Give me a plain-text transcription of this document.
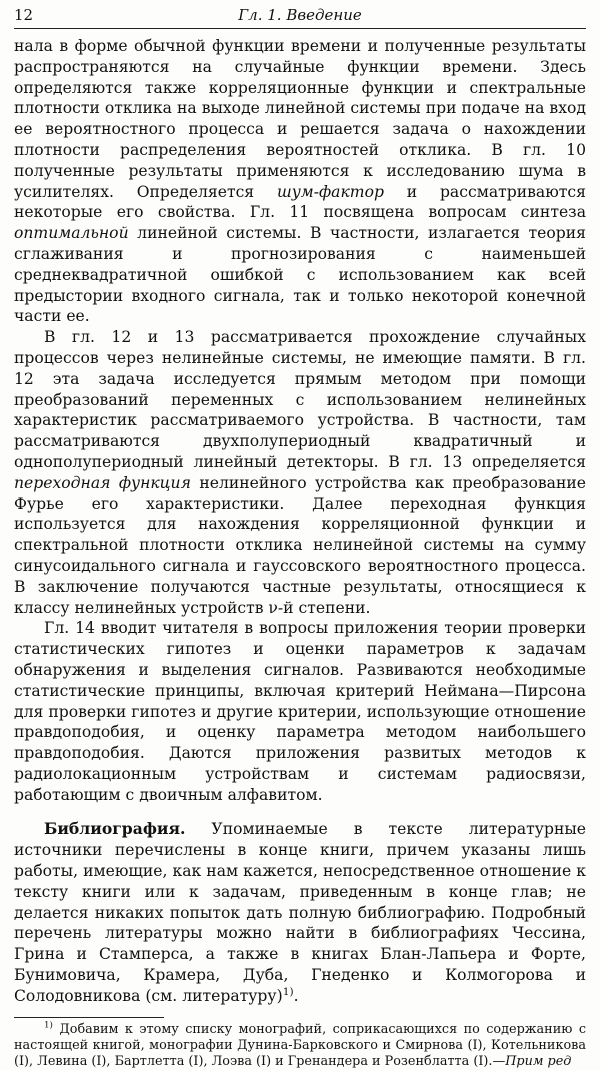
12	Гл. 1. Введение

нала в форме обычной функции времени и полученные результаты распространяются на случайные функции времени. Здесь определяются также корреляционные функции и спектральные плотности отклика на выходе линейной системы при подаче на вход ее вероятностного процесса и решается задача о нахождении плотности распределения вероятностей отклика. В гл. 10 полученные результаты применяются к исследованию шума в усилителях. Определяется шум-фактор и рассматриваются некоторые его свойства. Гл. 11 посвящена вопросам синтеза оптимальной линейной системы. В частности, излагается теория сглаживания и прогнозирования с наименьшей среднеквадратичной ошибкой с использованием как всей предыстории входного сигнала, так и только некоторой конечной части ее.

В гл. 12 и 13 рассматривается прохождение случайных процессов через нелинейные системы, не имеющие памяти. В гл. 12 эта задача исследуется прямым методом при помощи преобразований переменных с использованием нелинейных характеристик рассматриваемого устройства. В частности, там рассматриваются двухполупериодный квадратичный и однополупериодный линейный детекторы. В гл. 13 определяется переходная функция нелинейного устройства как преобразование Фурье его характеристики. Далее переходная функция используется для нахождения корреляционной функции и спектральной плотности отклика нелинейной системы на сумму синусоидального сигнала и гауссовского вероятностного процесса. В заключение получаются частные результаты, относящиеся к классу нелинейных устройств ν-й степени.

Гл. 14 вводит читателя в вопросы приложения теории проверки статистических гипотез и оценки параметров к задачам обнаружения и выделения сигналов. Развиваются необходимые статистические принципы, включая критерий Неймана—Пирсона для проверки гипотез и другие критерии, использующие отношение правдоподобия, и оценку параметра методом наибольшего правдоподобия. Даются приложения развитых методов к радиолокационным устройствам и системам радиосвязи, работающим с двоичным алфавитом.

Библиография. Упоминаемые в тексте литературные источники перечислены в конце книги, причем указаны лишь работы, имеющие, как нам кажется, непосредственное отношение к тексту книги или к задачам, приведенным в конце глав; не делается никаких попыток дать полную библиографию. Подробный перечень литературы можно найти в библиографиях Чессина, Грина и Стамперса, а также в книгах Блан-Лапьера и Форте, Бунимовича, Крамера, Дуба, Гнеденко и Колмогорова и Солодовникова (см. литературу)$^{1)}$.

$^{1)}$ Добавим к этому списку монографий, соприкасающихся по содержанию с настоящей книгой, монографии Дунина-Барковского и Смирнова (I), Котельникова (I), Левина (I), Бартлетта (I), Лоэва (I) и Гренандера и Розенблатта (I).—Прим ред
